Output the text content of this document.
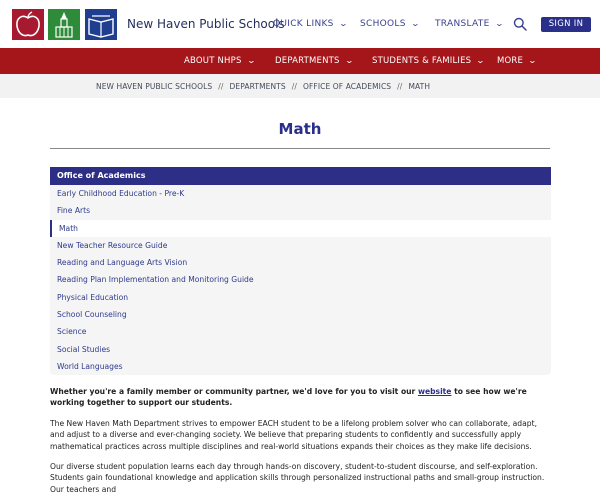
New Haven Public Schools
QUICK LINKS ⌄ SCHOOLS ⌄ TRANSLATE ⌄	SIGN IN
ABOUT NHPS ⌄ DEPARTMENTS ⌄ STUDENTS & FAMILIES ⌄ MORE ⌄
NEW HAVEN PUBLIC SCHOOLS // DEPARTMENTS // OFFICE OF ACADEMICS // MATH
Math
Office of Academics
Early Childhood Education - Pre-K
Fine Arts
Math
New Teacher Resource Guide
Reading and Language Arts Vision
Reading Plan Implementation and Monitoring Guide
Physical Education
School Counseling
Science
Social Studies
World Languages
Whether you're a family member or community partner, we'd love for you to visit our website to see how we're working together to support our students.
The New Haven Math Department strives to empower EACH student to be a lifelong problem solver who can collaborate, adapt, and adjust to a diverse and ever-changing society. We believe that preparing students to confidently and successfully apply mathematical practices across multiple disciplines and real-world situations expands their choices as they make life decisions.
Our diverse student population learns each day through hands-on discovery, student-to-student discourse, and self-exploration. Students gain foundational knowledge and application skills through personalized instructional paths and small-group instruction. Our teachers and
